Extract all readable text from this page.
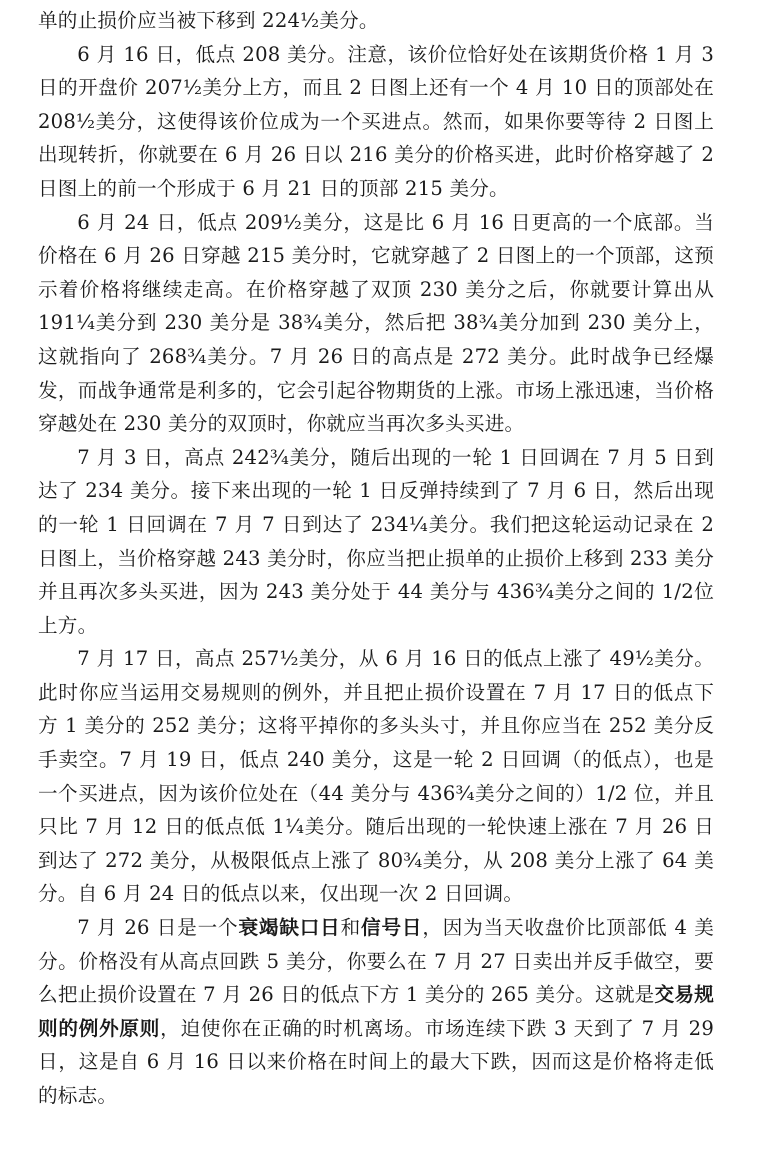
单的止损价应当被下移到 224½美分。

6 月 16 日，低点 208 美分。注意，该价位恰好处在该期货价格 1 月 3 日的开盘价 207½美分上方，而且 2 日图上还有一个 4 月 10 日的顶部处在 208½美分，这使得该价位成为一个买进点。然而，如果你要等待 2 日图上出现转折，你就要在 6 月 26 日以 216 美分的价格买进，此时价格穿越了 2 日图上的前一个形成于 6 月 21 日的顶部 215 美分。

6 月 24 日，低点 209½美分，这是比 6 月 16 日更高的一个底部。当价格在 6 月 26 日穿越 215 美分时，它就穿越了 2 日图上的一个顶部，这预示着价格将继续走高。在价格穿越了双顶 230 美分之后，你就要计算出从 191¼美分到 230 美分是 38¾美分，然后把 38¾美分加到 230 美分上，这就指向了 268¾美分。7 月 26 日的高点是 272 美分。此时战争已经爆发，而战争通常是利多的，它会引起谷物期货的上涨。市场上涨迅速，当价格穿越处在 230 美分的双顶时，你就应当再次多头买进。

7 月 3 日，高点 242¾美分，随后出现的一轮 1 日回调在 7 月 5 日到达了 234 美分。接下来出现的一轮 1 日反弹持续到了 7 月 6 日，然后出现的一轮 1 日回调在 7 月 7 日到达了 234¼美分。我们把这轮运动记录在 2 日图上，当价格穿越 243 美分时，你应当把止损单的止损价上移到 233 美分并且再次多头买进，因为 243 美分处于 44 美分与 436¾美分之间的 1/2位上方。

7 月 17 日，高点 257½美分，从 6 月 16 日的低点上涨了 49½美分。此时你应当运用交易规则的例外，并且把止损价设置在 7 月 17 日的低点下方 1 美分的 252 美分；这将平掉你的多头头寸，并且你应当在 252 美分反手卖空。7 月 19 日，低点 240 美分，这是一轮 2 日回调（的低点），也是一个买进点，因为该价位处在（44 美分与 436¾美分之间的）1/2 位，并且只比 7 月 12 日的低点低 1¼美分。随后出现的一轮快速上涨在 7 月 26 日到达了 272 美分，从极限低点上涨了 80¾美分，从 208 美分上涨了 64 美分。自 6 月 24 日的低点以来，仅出现一次 2 日回调。

7 月 26 日是一个衰竭缺口日和信号日，因为当天收盘价比顶部低 4 美分。价格没有从高点回跌 5 美分，你要么在 7 月 27 日卖出并反手做空，要么把止损价设置在 7 月 26 日的低点下方 1 美分的 265 美分。这就是交易规则的例外原则，迫使你在正确的时机离场。市场连续下跌 3 天到了 7 月 29 日，这是自 6 月 16 日以来价格在时间上的最大下跌，因而这是价格将走低的标志。
